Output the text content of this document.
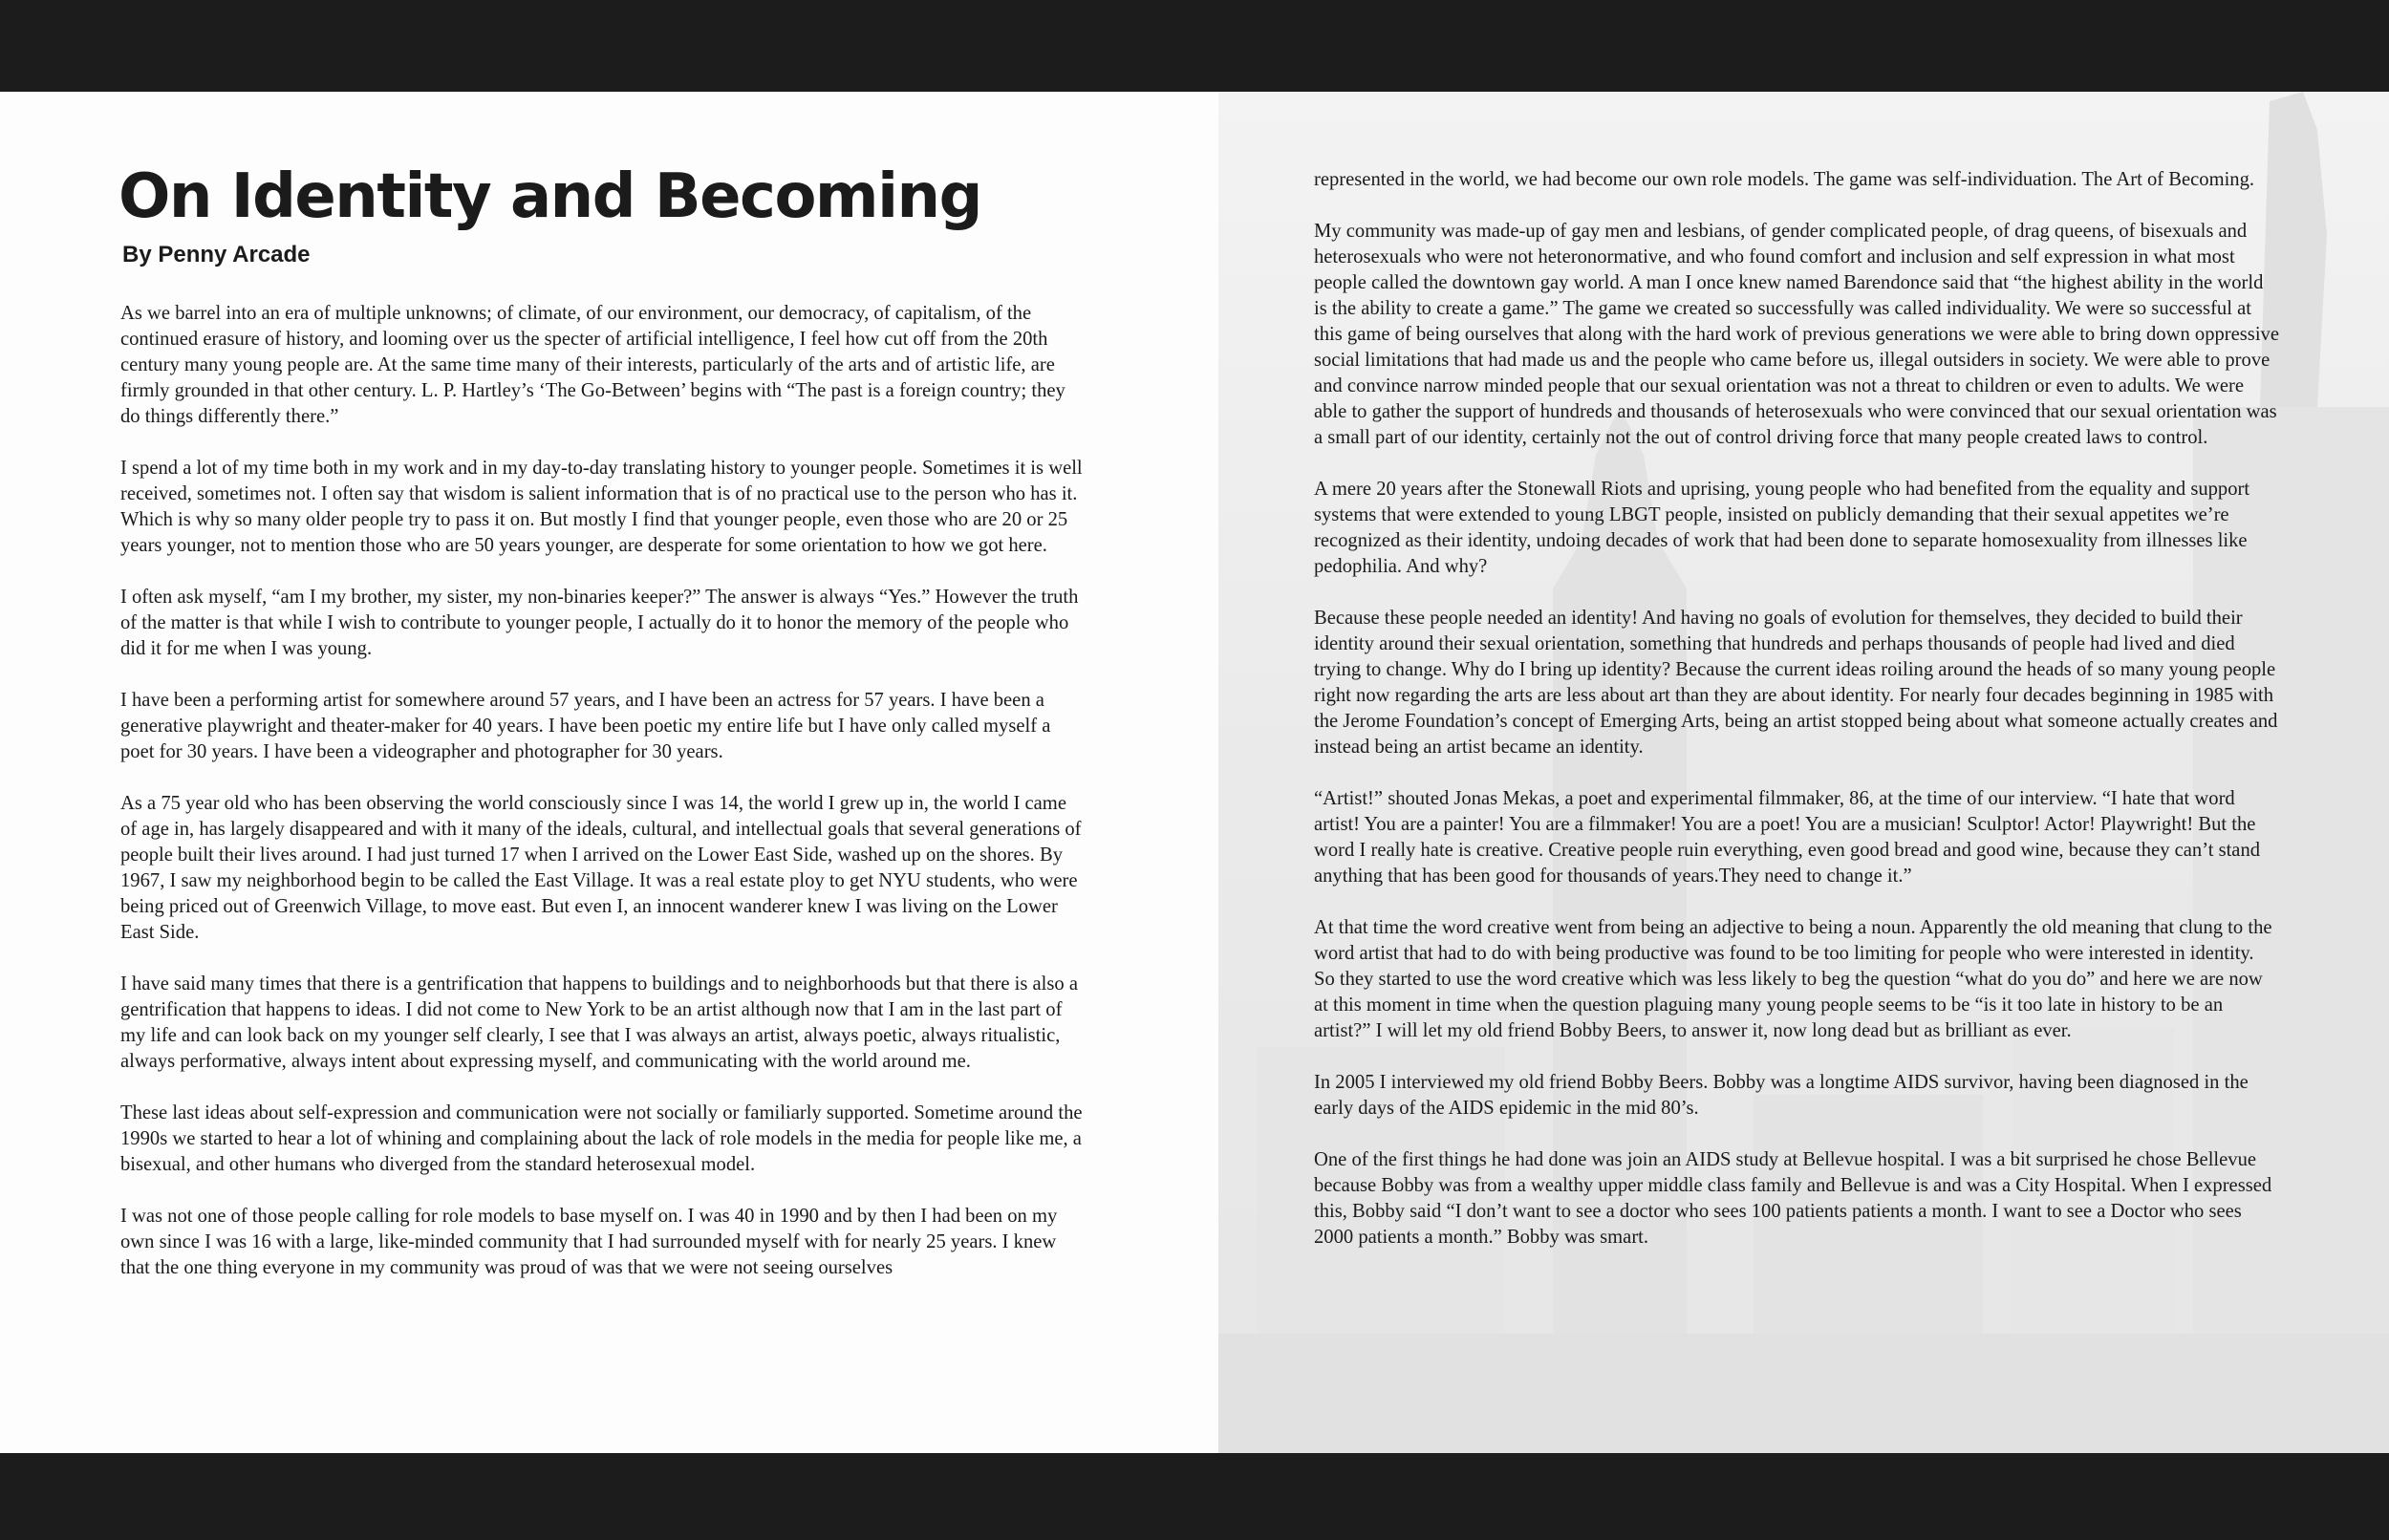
On Identity and Becoming
By Penny Arcade

As we barrel into an era of multiple unknowns; of climate, of our environment, our democracy, of capitalism, of the continued erasure of history, and looming over us the specter of artificial intelligence, I feel how cut off from the 20th century many young people are. At the same time many of their interests, particularly of the arts and of artistic life, are firmly grounded in that other century. L. P. Hartley’s ‘The Go-Between’ begins with “The past is a foreign country; they do things differently there.”

I spend a lot of my time both in my work and in my day-to-day translating history to younger people. Sometimes it is well received, sometimes not. I often say that wisdom is salient information that is of no practical use to the person who has it. Which is why so many older people try to pass it on. But mostly I find that younger people, even those who are 20 or 25 years younger, not to mention those who are 50 years younger, are desperate for some orientation to how we got here.

I often ask myself, “am I my brother, my sister, my non-binaries keeper?” The answer is always “Yes.” However the truth of the matter is that while I wish to contribute to younger people, I actually do it to honor the memory of the people who did it for me when I was young.

I have been a performing artist for somewhere around 57 years, and I have been an actress for 57 years. I have been a generative playwright and theater-maker for 40 years. I have been poetic my entire life but I have only called myself a poet for 30 years. I have been a videographer and photographer for 30 years.

As a 75 year old who has been observing the world consciously since I was 14, the world I grew up in, the world I came of age in, has largely disappeared and with it many of the ideals, cultural, and intellectual goals that several generations of people built their lives around. I had just turned 17 when I arrived on the Lower East Side, washed up on the shores. By 1967, I saw my neighborhood begin to be called the East Village. It was a real estate ploy to get NYU students, who were being priced out of Greenwich Village, to move east. But even I, an innocent wanderer knew I was living on the Lower East Side.

I have said many times that there is a gentrification that happens to buildings and to neighborhoods but that there is also a gentrification that happens to ideas. I did not come to New York to be an artist although now that I am in the last part of my life and can look back on my younger self clearly, I see that I was always an artist, always poetic, always ritualistic, always performative, always intent about expressing myself, and communicating with the world around me.

These last ideas about self-expression and communication were not socially or familiarly supported. Sometime around the 1990s we started to hear a lot of whining and complaining about the lack of role models in the media for people like me, a bisexual, and other humans who diverged from the standard heterosexual model.

I was not one of those people calling for role models to base myself on. I was 40 in 1990 and by then I had been on my own since I was 16 with a large, like-minded community that I had surrounded myself with for nearly 25 years. I knew that the one thing everyone in my community was proud of was that we were not seeing ourselves

represented in the world, we had become our own role models. The game was self-individuation. The Art of Becoming.

My community was made-up of gay men and lesbians, of gender complicated people, of drag queens, of bisexuals and heterosexuals who were not heteronormative, and who found comfort and inclusion and self expression in what most people called the downtown gay world. A man I once knew named Barendonce said that “the highest ability in the world is the ability to create a game.” The game we created so successfully was called individuality. We were so successful at this game of being ourselves that along with the hard work of previous generations we were able to bring down oppressive social limitations that had made us and the people who came before us, illegal outsiders in society. We were able to prove and convince narrow minded people that our sexual orientation was not a threat to children or even to adults. We were able to gather the support of hundreds and thousands of heterosexuals who were convinced that our sexual orientation was a small part of our identity, certainly not the out of control driving force that many people created laws to control.

A mere 20 years after the Stonewall Riots and uprising, young people who had benefited from the equality and support systems that were extended to young LBGT people, insisted on publicly demanding that their sexual appetites we’re recognized as their identity, undoing decades of work that had been done to separate homosexuality from illnesses like pedophilia. And why?

Because these people needed an identity! And having no goals of evolution for themselves, they decided to build their identity around their sexual orientation, something that hundreds and perhaps thousands of people had lived and died trying to change. Why do I bring up identity? Because the current ideas roiling around the heads of so many young people right now regarding the arts are less about art than they are about identity. For nearly four decades beginning in 1985 with the Jerome Foundation’s concept of Emerging Arts, being an artist stopped being about what someone actually creates and instead being an artist became an identity.

“Artist!” shouted Jonas Mekas, a poet and experimental filmmaker, 86, at the time of our interview. “I hate that word artist! You are a painter! You are a filmmaker! You are a poet! You are a musician! Sculptor! Actor! Playwright! But the word I really hate is creative. Creative people ruin everything, even good bread and good wine, because they can’t stand anything that has been good for thousands of years.They need to change it.”

At that time the word creative went from being an adjective to being a noun. Apparently the old meaning that clung to the word artist that had to do with being productive was found to be too limiting for people who were interested in identity. So they started to use the word creative which was less likely to beg the question “what do you do” and here we are now at this moment in time when the question plaguing many young people seems to be “is it too late in history to be an artist?” I will let my old friend Bobby Beers, to answer it, now long dead but as brilliant as ever.

In 2005 I interviewed my old friend Bobby Beers. Bobby was a longtime AIDS survivor, having been diagnosed in the early days of the AIDS epidemic in the mid 80’s.

One of the first things he had done was join an AIDS study at Bellevue hospital. I was a bit surprised he chose Bellevue because Bobby was from a wealthy upper middle class family and Bellevue is and was a City Hospital. When I expressed this, Bobby said “I don’t want to see a doctor who sees 100 patients patients a month. I want to see a Doctor who sees 2000 patients a month.” Bobby was smart.
